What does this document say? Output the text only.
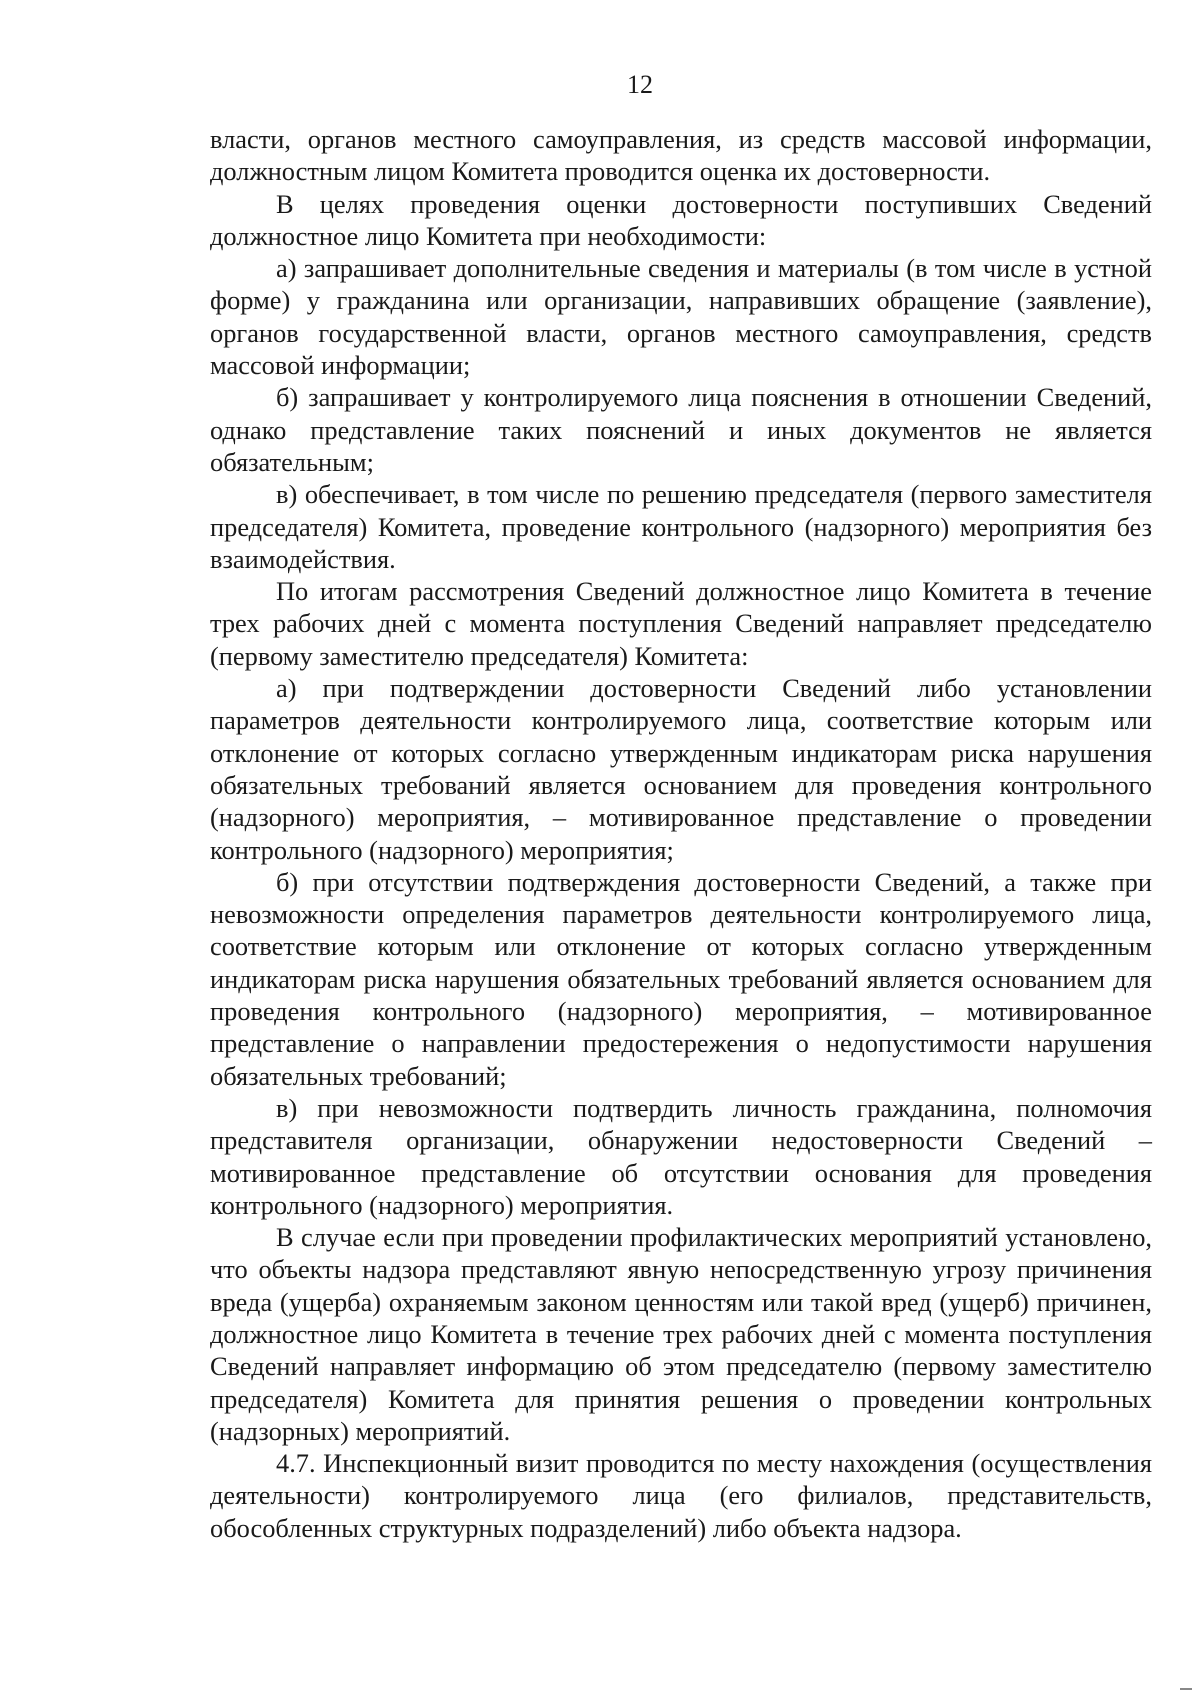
12

власти, органов местного самоуправления, из средств массовой информации, должностным лицом Комитета проводится оценка их достоверности.

В целях проведения оценки достоверности поступивших Сведений должностное лицо Комитета при необходимости:

а) запрашивает дополнительные сведения и материалы (в том числе в устной форме) у гражданина или организации, направивших обращение (заявление), органов государственной власти, органов местного самоуправления, средств массовой информации;

б) запрашивает у контролируемого лица пояснения в отношении Сведений, однако представление таких пояснений и иных документов не является обязательным;

в) обеспечивает, в том числе по решению председателя (первого заместителя председателя) Комитета, проведение контрольного (надзорного) мероприятия без взаимодействия.

По итогам рассмотрения Сведений должностное лицо Комитета в течение трех рабочих дней с момента поступления Сведений направляет председателю (первому заместителю председателя) Комитета:

а) при подтверждении достоверности Сведений либо установлении параметров деятельности контролируемого лица, соответствие которым или отклонение от которых согласно утвержденным индикаторам риска нарушения обязательных требований является основанием для проведения контрольного (надзорного) мероприятия, – мотивированное представление о проведении контрольного (надзорного) мероприятия;

б) при отсутствии подтверждения достоверности Сведений, а также при невозможности определения параметров деятельности контролируемого лица, соответствие которым или отклонение от которых согласно утвержденным индикаторам риска нарушения обязательных требований является основанием для проведения контрольного (надзорного) мероприятия, – мотивированное представление о направлении предостережения о недопустимости нарушения обязательных требований;

в) при невозможности подтвердить личность гражданина, полномочия представителя организации, обнаружении недостоверности Сведений – мотивированное представление об отсутствии основания для проведения контрольного (надзорного) мероприятия.

В случае если при проведении профилактических мероприятий установлено, что объекты надзора представляют явную непосредственную угрозу причинения вреда (ущерба) охраняемым законом ценностям или такой вред (ущерб) причинен, должностное лицо Комитета в течение трех рабочих дней с момента поступления Сведений направляет информацию об этом председателю (первому заместителю председателя) Комитета для принятия решения о проведении контрольных (надзорных) мероприятий.

4.7. Инспекционный визит проводится по месту нахождения (осуществления деятельности) контролируемого лица (его филиалов, представительств, обособленных структурных подразделений) либо объекта надзора.
